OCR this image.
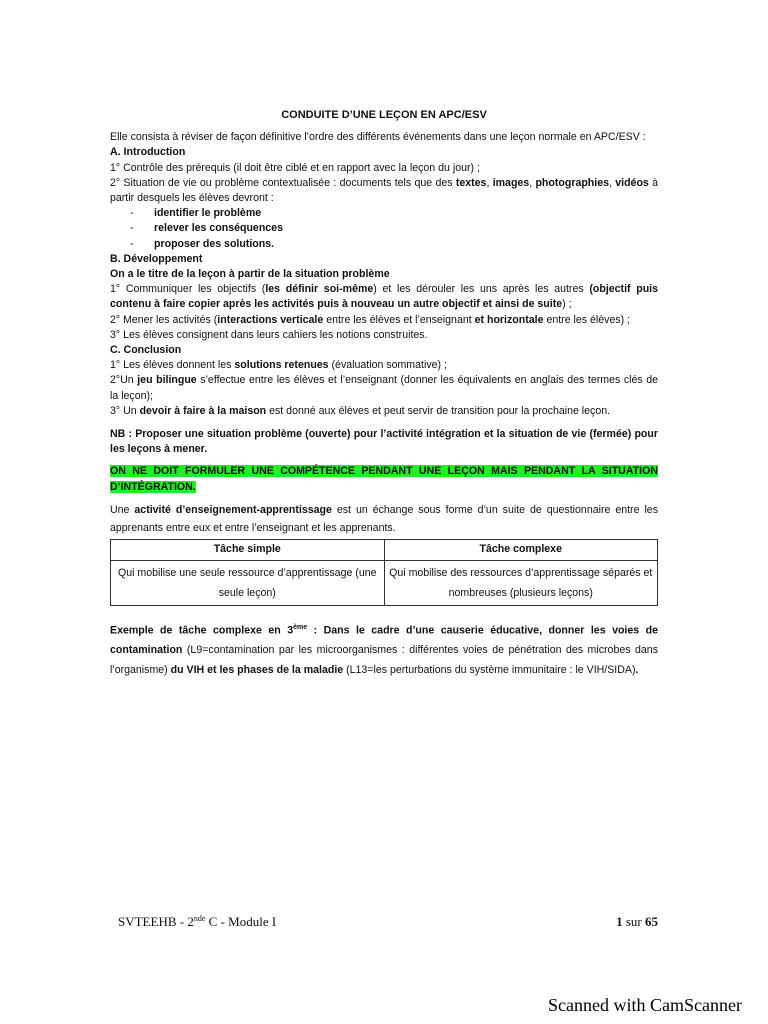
CONDUITE D’UNE LEÇON EN APC/ESV

Elle consista à réviser de façon définitive l’ordre des différents événements dans une leçon normale en APC/ESV :

A. Introduction

1° Contrôle des prérequis (il doit être ciblé et en rapport avec la leçon du jour) ;

2° Situation de vie ou problème contextualisée : documents tels que des textes, images, photographies, vidéos à partir desquels les élèves devront :

- identifier le problème
- relever les conséquences
- proposer des solutions.
B. Développement
On a le titre de la leçon à partir de la situation problème

1° Communiquer les objectifs (les définir soi-même) et les dérouler les uns après les autres (objectif puis contenu à faire copier après les activités puis à nouveau un autre objectif et ainsi de suite) ;

2° Mener les activités (interactions verticale entre les élèves et l’enseignant et horizontale entre les élèves) ;

3° Les élèves consignent dans leurs cahiers les notions construites.

C. Conclusion

1° Les élèves donnent les solutions retenues (évaluation sommative) ;

2°Un jeu bilingue s’effectue entre les élèves et l’enseignant (donner les équivalents en anglais des termes clés de la leçon);

3° Un devoir à faire à la maison est donné aux élèves et peut servir de transition pour la prochaine leçon.

NB : Proposer une situation problème (ouverte) pour l’activité intégration et la situation de vie (fermée) pour les leçons à mener.

ON NE DOIT FORMULER UNE COMPÉTENCE PENDANT UNE LEÇON MAIS PENDANT LA SITUATION D’INTÉGRATION.

Une activité d’enseignement-apprentissage est un échange sous forme d’un suite de questionnaire entre les apprenants entre eux et entre l’enseignant et les apprenants.

Tâche simple	Tâche complexe
Qui mobilise une seule ressource d’apprentissage (une seule leçon)	Qui mobilise des ressources d’apprentissage séparés et nombreuses (plusieurs leçons)

Exemple de tâche complexe en 3ème : Dans le cadre d’une causerie éducative, donner les voies de contamination (L9=contamination par les microorganismes : différentes voies de pénétration des microbes dans l’organisme) du VIH et les phases de la maladie (L13=les perturbations du système immunitaire : le VIH/SIDA).

SVTEEHB - 2nde C - Module I	1 sur 65
Scanned with CamScanner
